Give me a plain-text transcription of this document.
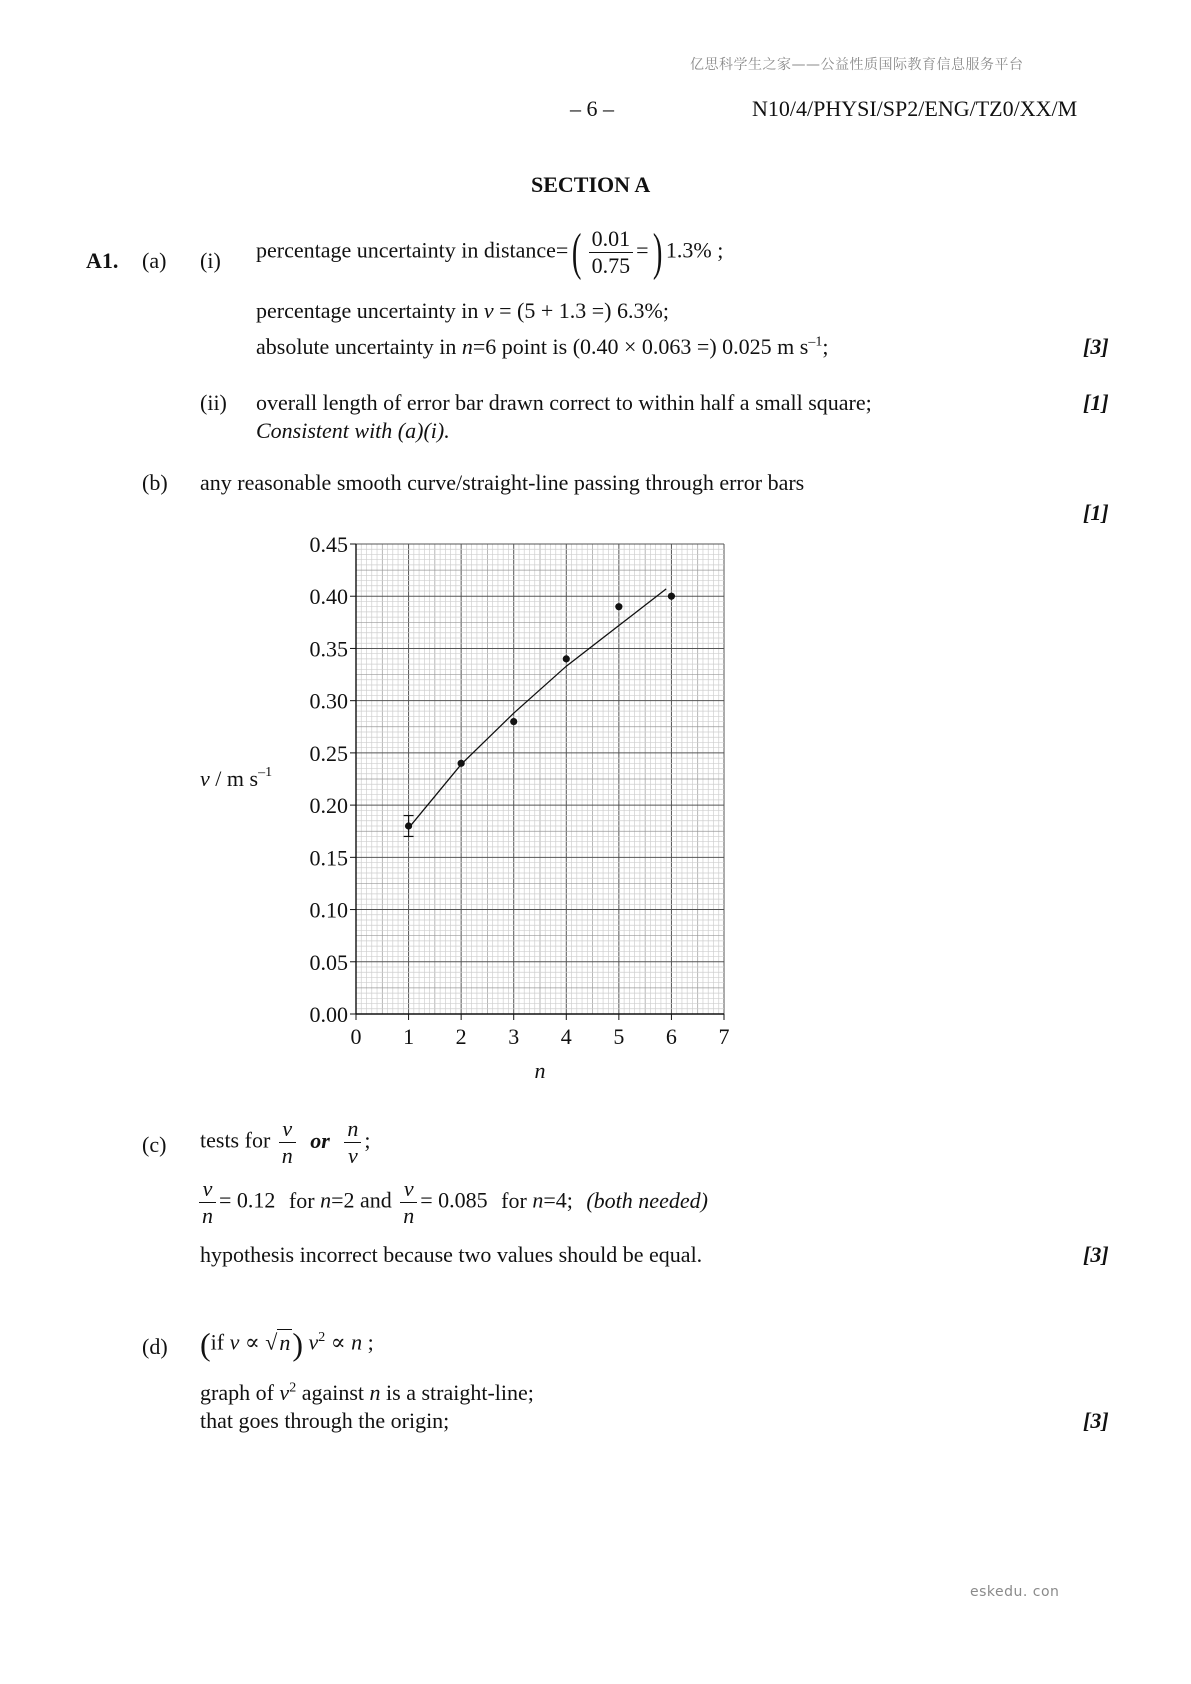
亿思科学生之家——公益性质国际教育信息服务平台
– 6 –	N10/4/PHYSI/SP2/ENG/TZ0/XX/M
SECTION A
A1. (a) (i) percentage uncertainty in distance=( $\frac{0.01}{0.75}$ =) 1.3% ;
percentage uncertainty in v = (5 + 1.3 =) 6.3%;
absolute uncertainty in n=6 point is (0.40 × 0.063 =) 0.025 m $s^{-1}$;	[3]
(ii) overall length of error bar drawn correct to within half a small square;
Consistent with (a)(i).
[1]
(b) any reasonable smooth curve/straight-line passing through error bars
[1]
0 1 2 3 4 5 6 7
0.00
0.05
0.10
0.15
0.20
0.25
0.30
0.35
0.40
0.45
n
v / m $s^{-1}$
(c) tests for $\frac{v}{n}$ or $\frac{n}{v}$ ;
$\frac{v}{n} = 0.12$ for n=2 and $\frac{v}{n} = 0.085$ for n=4; (both needed)
hypothesis incorrect because two values should be equal.	[3]
(d) (if v ∝ √n) $v^2 \propto n$ ;
graph of $v^2$ against n is a straight-line;
that goes through the origin;	[3]
eskedu. con
